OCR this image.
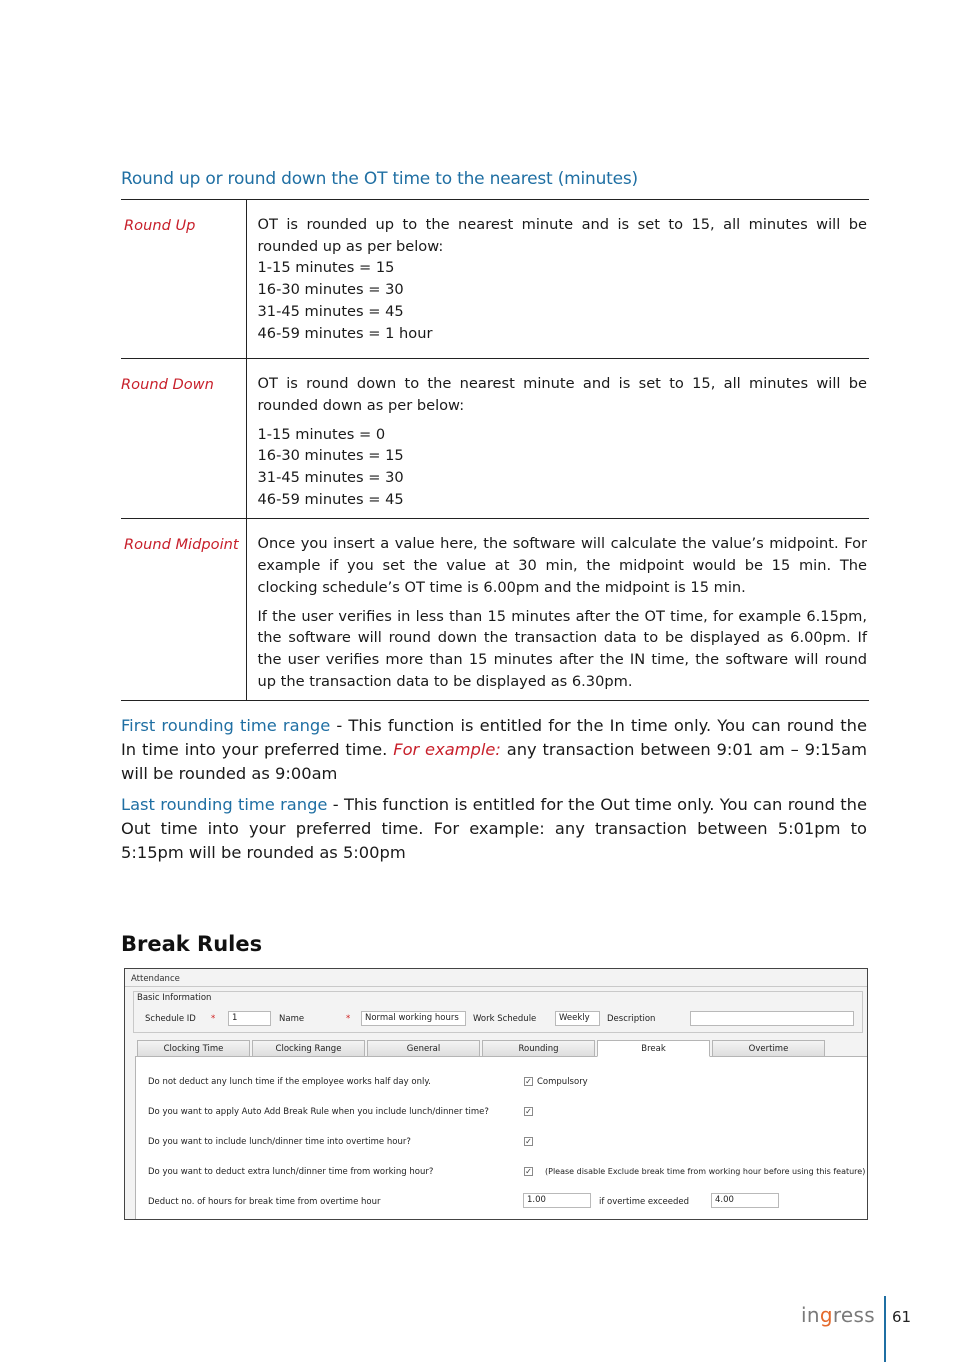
Round up or round down the OT time to the nearest (minutes)
Round Up	OT is rounded up to the nearest minute and is set to 15, all minutes will be rounded up as per below:

1-15 minutes = 15
16-30 minutes = 30
31-45 minutes = 45
46-59 minutes = 1 hour

Round Down	OT is round down to the nearest minute and is set to 15, all minutes will be rounded down as per below:

1-15 minutes = 0
16-30 minutes = 15
31-45 minutes = 30
46-59 minutes = 45

Round Midpoint	Once you insert a value here, the software will calculate the value’s midpoint. For example if you set the value at 30 min, the midpoint would be 15 min. The clocking schedule’s OT time is 6.00pm and the midpoint is 15 min.

If the user verifies in less than 15 minutes after the OT time, for example 6.15pm, the software will round down the transaction data to be displayed as 6.00pm. If the user verifies more than 15 minutes after the IN time, the software will round up the transaction data to be displayed as 6.30pm.

First rounding time range - This function is entitled for the In time only. You can round the In time into your preferred time. For example: any transaction between 9:01 am – 9:15am will be rounded as 9:00am
Last rounding time range - This function is entitled for the Out time only. You can round the Out time into your preferred time. For example: any transaction between 5:01pm to 5:15pm will be rounded as 5:00pm
Break Rules
Attendance
Basic Information
Schedule ID *	1	Name	*	Normal working hours	Work Schedule	Weekly	Description
Clocking Time	Clocking Range	General	Rounding	Break	Overtime
Do not deduct any lunch time if the employee works half day only.	✓ Compulsory
Do you want to apply Auto Add Break Rule when you include lunch/dinner time?	✓
Do you want to include lunch/dinner time into overtime hour?	✓
Do you want to deduct extra lunch/dinner time from working hour?	✓ (Please disable Exclude break time from working hour before using this feature)
Deduct no. of hours for break time from overtime hour	1.00	if overtime exceeded	4.00
ingress 61
